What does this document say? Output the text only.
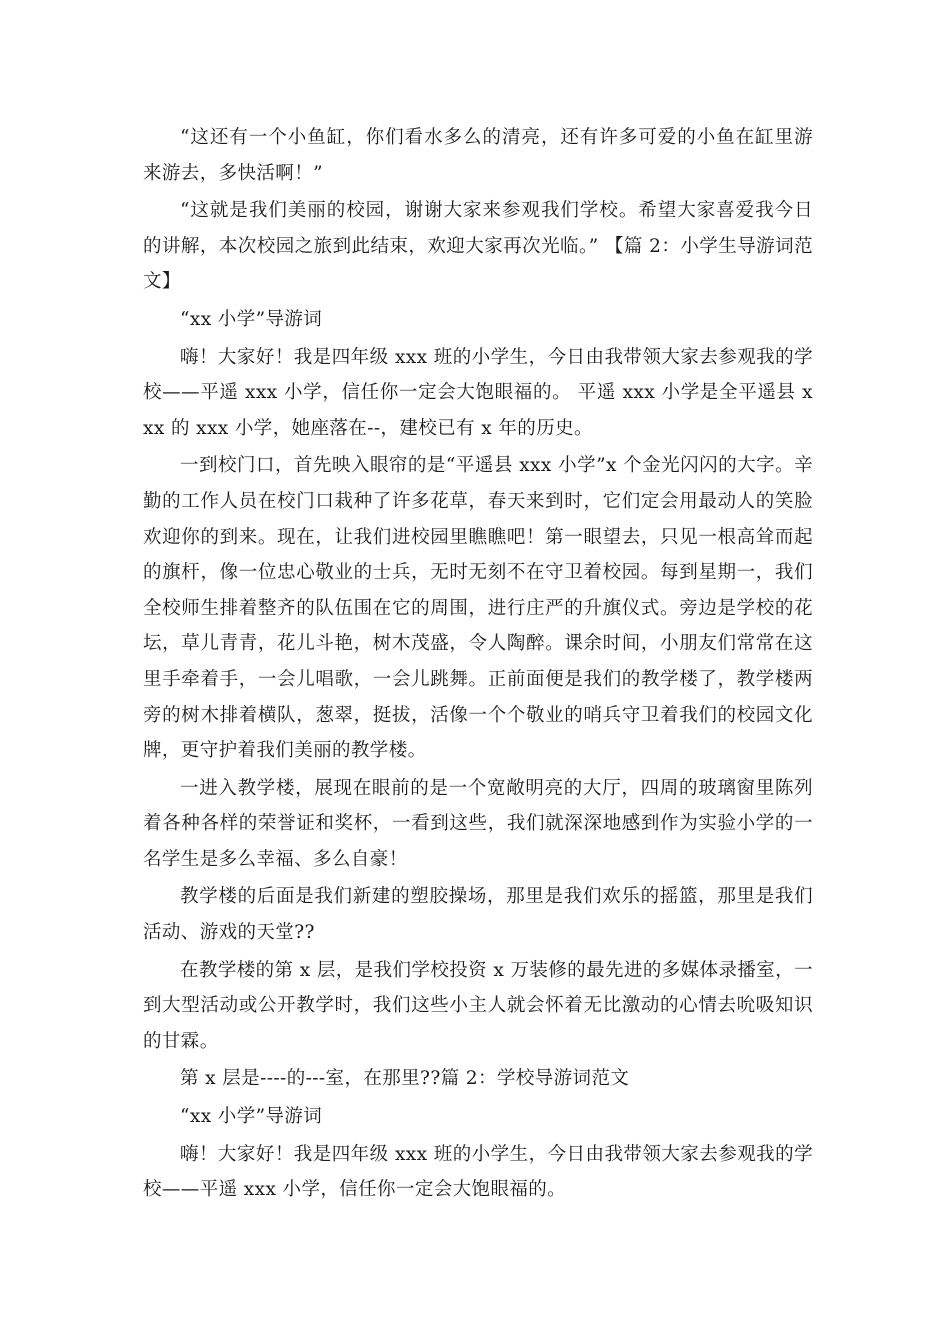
“这还有一个小鱼缸，你们看水多么的清亮，还有许多可爱的小鱼在缸里游来游去，多快活啊！”

“这就是我们美丽的校园，谢谢大家来参观我们学校。希望大家喜爱我今日的讲解，本次校园之旅到此结束，欢迎大家再次光临。” 【篇 2：小学生导游词范文】

“xx 小学”导游词

嗨！大家好！我是四年级 xxx 班的小学生，今日由我带领大家去参观我的学校——平遥 xxx 小学，信任你一定会大饱眼福的。 平遥 xxx 小学是全平遥县 xxx 的 xxx 小学，她座落在--，建校已有 x 年的历史。

一到校门口，首先映入眼帘的是“平遥县 xxx 小学”x 个金光闪闪的大字。辛勤的工作人员在校门口栽种了许多花草，春天来到时，它们定会用最动人的笑脸欢迎你的到来。现在，让我们进校园里瞧瞧吧！第一眼望去，只见一根高耸而起的旗杆，像一位忠心敬业的士兵，无时无刻不在守卫着校园。每到星期一，我们全校师生排着整齐的队伍围在它的周围，进行庄严的升旗仪式。旁边是学校的花坛，草儿青青，花儿斗艳，树木茂盛，令人陶醉。课余时间，小朋友们常常在这里手牵着手，一会儿唱歌，一会儿跳舞。正前面便是我们的教学楼了，教学楼两旁的树木排着横队，葱翠，挺拔，活像一个个敬业的哨兵守卫着我们的校园文化牌，更守护着我们美丽的教学楼。

一进入教学楼，展现在眼前的是一个宽敞明亮的大厅，四周的玻璃窗里陈列着各种各样的荣誉证和奖杯，一看到这些，我们就深深地感到作为实验小学的一名学生是多么幸福、多么自豪！

教学楼的后面是我们新建的塑胶操场，那里是我们欢乐的摇篮，那里是我们活动、游戏的天堂??

在教学楼的第 x 层，是我们学校投资 x 万装修的最先进的多媒体录播室，一到大型活动或公开教学时，我们这些小主人就会怀着无比激动的心情去吮吸知识的甘霖。

第 x 层是----的---室，在那里??篇 2：学校导游词范文

“xx 小学”导游词

嗨！大家好！我是四年级 xxx 班的小学生，今日由我带领大家去参观我的学校——平遥 xxx 小学，信任你一定会大饱眼福的。
